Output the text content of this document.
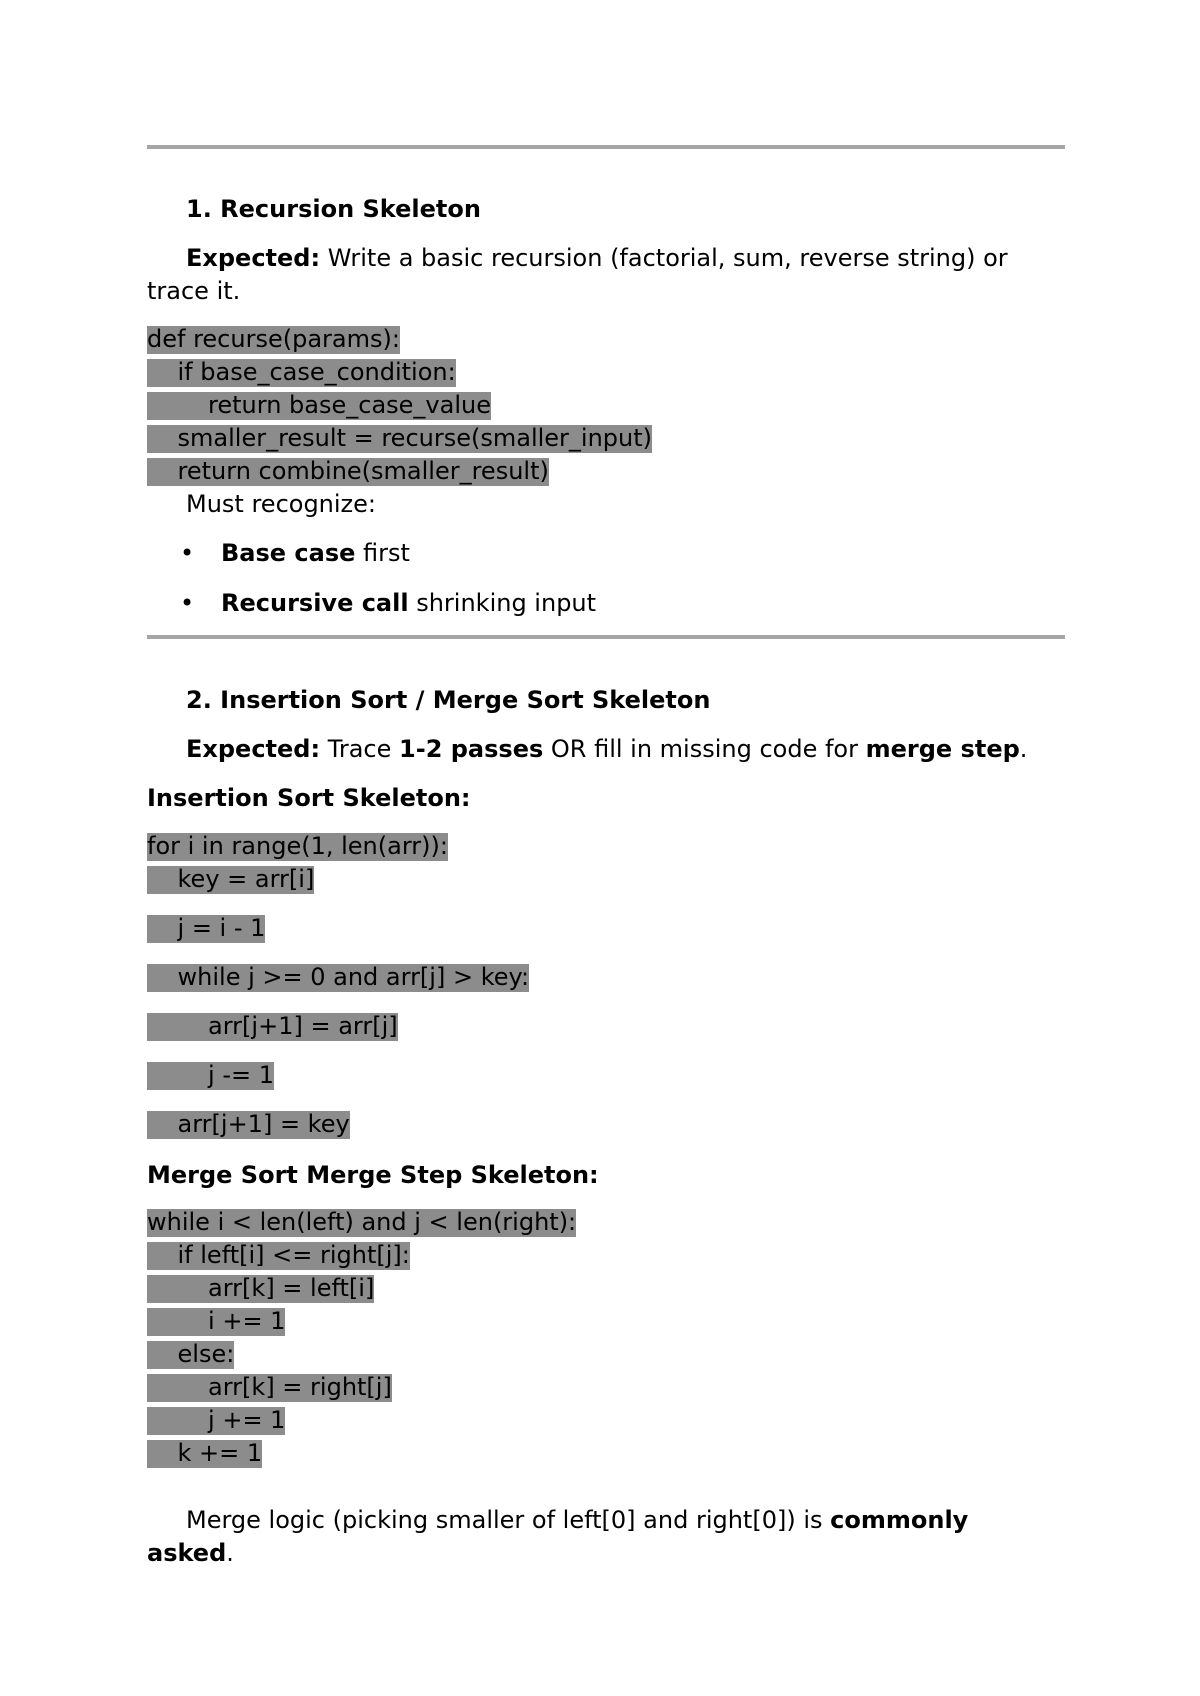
1. Recursion Skeleton
Expected: Write a basic recursion (factorial, sum, reverse string) or
trace it.
def recurse(params):
if base_case_condition:
return base_case_value
smaller_result = recurse(smaller_input)
return combine(smaller_result)
Must recognize:
• Base case first
• Recursive call shrinking input
2. Insertion Sort / Merge Sort Skeleton
Expected: Trace 1-2 passes OR fill in missing code for merge step.
Insertion Sort Skeleton:
for i in range(1, len(arr)):
key = arr[i]
j = i - 1
while j >= 0 and arr[j] > key:
arr[j+1] = arr[j]
j -= 1
arr[j+1] = key
Merge Sort Merge Step Skeleton:
while i < len(left) and j < len(right):
if left[i] <= right[j]:
arr[k] = left[i]
i += 1
else:
arr[k] = right[j]
j += 1
k += 1
Merge logic (picking smaller of left[0] and right[0]) is commonly
asked.
